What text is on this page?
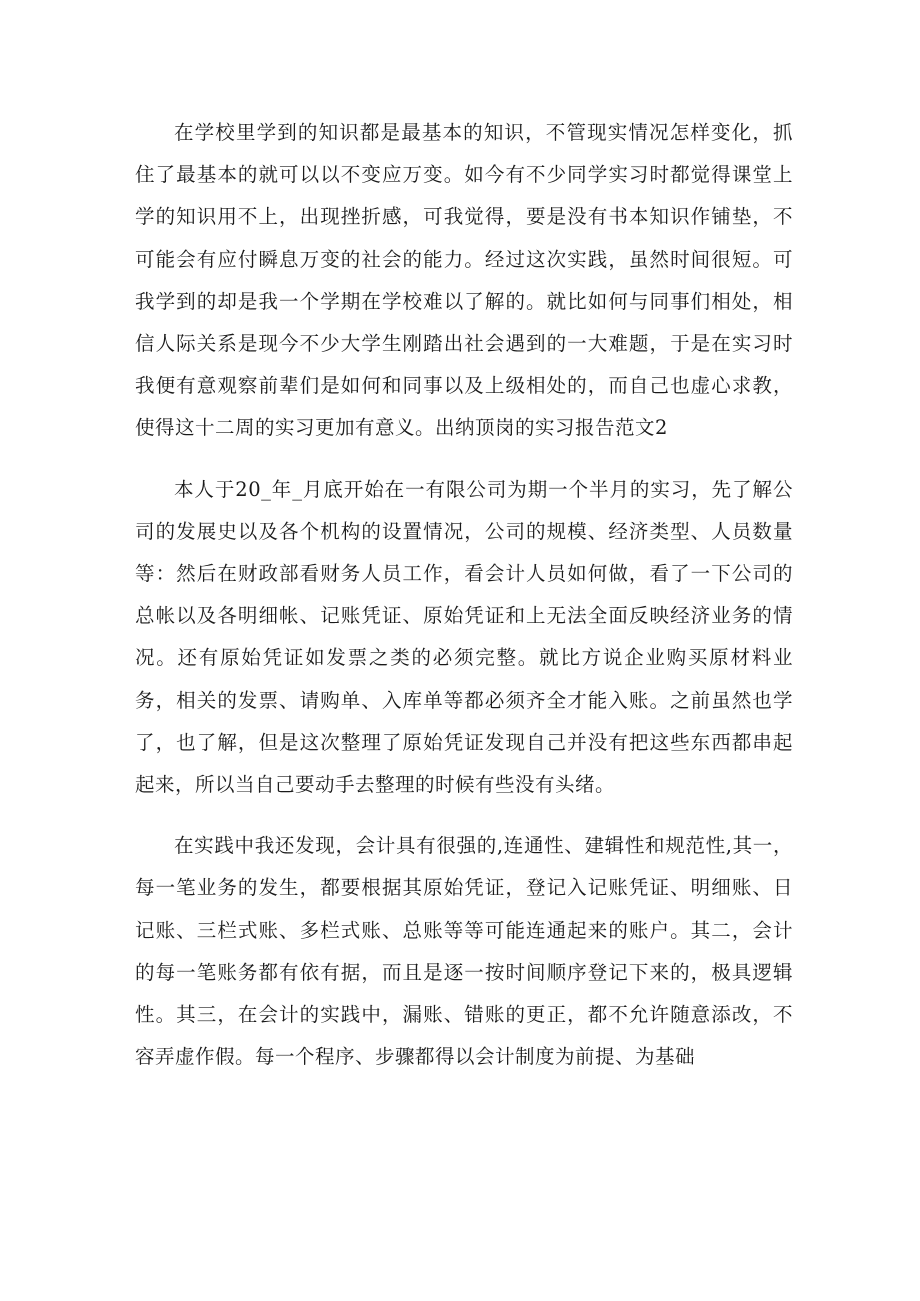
在学校里学到的知识都是最基本的知识，不管现实情况怎样变化，抓住了最基本的就可以以不变应万变。如今有不少同学实习时都觉得课堂上学的知识用不上，出现挫折感，可我觉得，要是没有书本知识作铺垫，不可能会有应付瞬息万变的社会的能力。经过这次实践，虽然时间很短。可我学到的却是我一个学期在学校难以了解的。就比如何与同事们相处，相信人际关系是现今不少大学生刚踏出社会遇到的一大难题，于是在实习时我便有意观察前辈们是如何和同事以及上级相处的，而自己也虚心求教，使得这十二周的实习更加有意义。出纳顶岗的实习报告范文2

本人于20_年_月底开始在一有限公司为期一个半月的实习，先了解公司的发展史以及各个机构的设置情况，公司的规模、经济类型、人员数量等：然后在财政部看财务人员工作，看会计人员如何做，看了一下公司的总帐以及各明细帐、记账凭证、原始凭证和上无法全面反映经济业务的情况。还有原始凭证如发票之类的必须完整。就比方说企业购买原材料业务，相关的发票、请购单、入库单等都必须齐全才能入账。之前虽然也学了，也了解，但是这次整理了原始凭证发现自己并没有把这些东西都串起起来，所以当自己要动手去整理的时候有些没有头绪。

在实践中我还发现，会计具有很强的,连通性、建辑性和规范性,其一，每一笔业务的发生，都要根据其原始凭证，登记入记账凭证、明细账、日记账、三栏式账、多栏式账、总账等等可能连通起来的账户。其二，会计的每一笔账务都有依有据，而且是逐一按时间顺序登记下来的，极具逻辑性。其三，在会计的实践中，漏账、错账的更正，都不允许随意添改，不容弄虚作假。每一个程序、步骤都得以会计制度为前提、为基础
